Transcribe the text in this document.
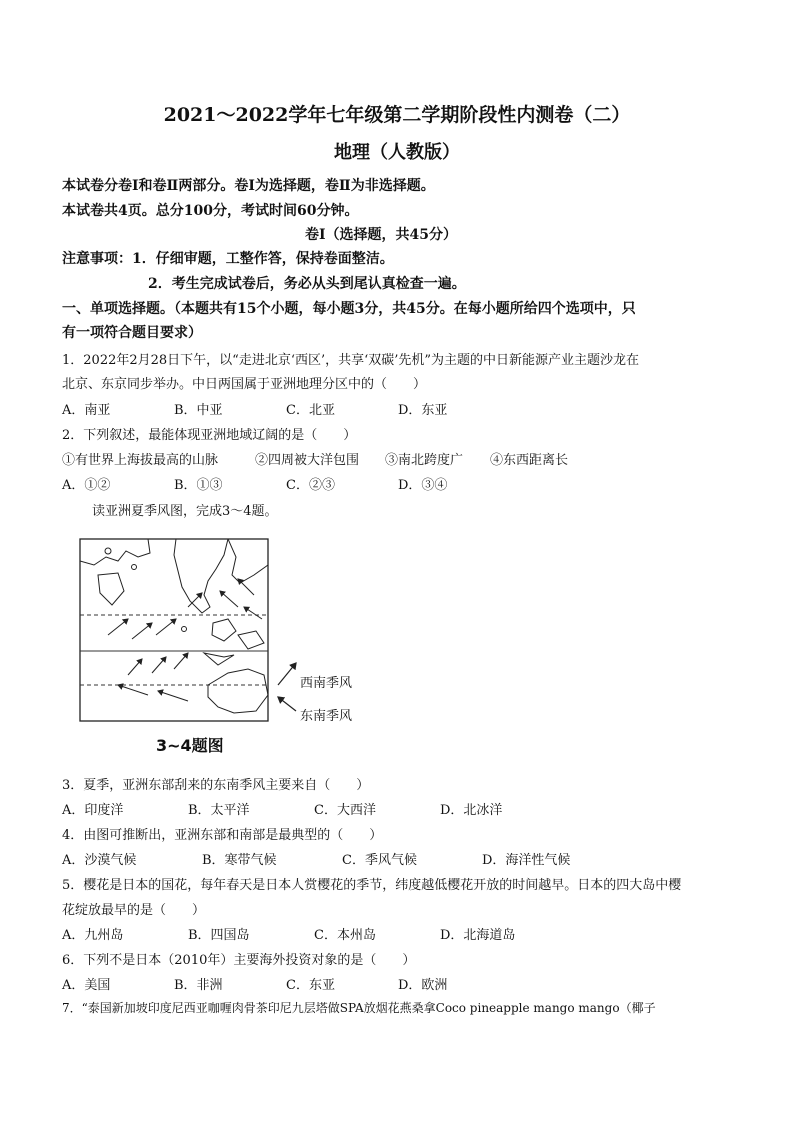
2021～2022学年七年级第二学期阶段性内测卷（二）
地理（人教版）
本试卷分卷Ⅰ和卷Ⅱ两部分。卷Ⅰ为选择题，卷Ⅱ为非选择题。
本试卷共4页。总分100分，考试时间60分钟。
卷Ⅰ（选择题，共45分）
注意事项：1．仔细审题，工整作答，保持卷面整洁。
2．考生完成试卷后，务必从头到尾认真检查一遍。
一、单项选择题。（本题共有15个小题，每小题3分，共45分。在每小题所给四个选项中，只
有一项符合题目要求）
1．2022年2月28日下午，以“走进北京‘西区’，共享‘双碳’先机”为主题的中日新能源产业主题沙龙在
北京、东京同步举办。中日两国属于亚洲地理分区中的（　　）
A．南亚	B．中亚	C．北亚	D．东亚
2．下列叙述，最能体现亚洲地域辽阔的是（　　）
①有世界上海拔最高的山脉	②四周被大洋包围 ③南北跨度广 ④东西距离长
A．①②	B．①③	C．②③	D．③④
读亚洲夏季风图，完成3～4题。
西南季风
东南季风
3~4题图
3．夏季，亚洲东部刮来的东南季风主要来自（　　）
A．印度洋	B．太平洋	C．大西洋	D．北冰洋
4．由图可推断出，亚洲东部和南部是最典型的（　　）
A．沙漠气候	B．寒带气候	C．季风气候	D．海洋性气候
5．樱花是日本的国花，每年春天是日本人赏樱花的季节，纬度越低樱花开放的时间越早。日本的四大岛中樱
花绽放最早的是（　　）
A．九州岛	B．四国岛	C．本州岛	D．北海道岛
6．下列不是日本（2010年）主要海外投资对象的是（　　）
A．美国	B．非洲	C．东亚	D．欧洲
7．“泰国新加坡印度尼西亚咖喱肉骨茶印尼九层塔做SPA放烟花燕桑拿Coco pineapple mango mango（椰子
